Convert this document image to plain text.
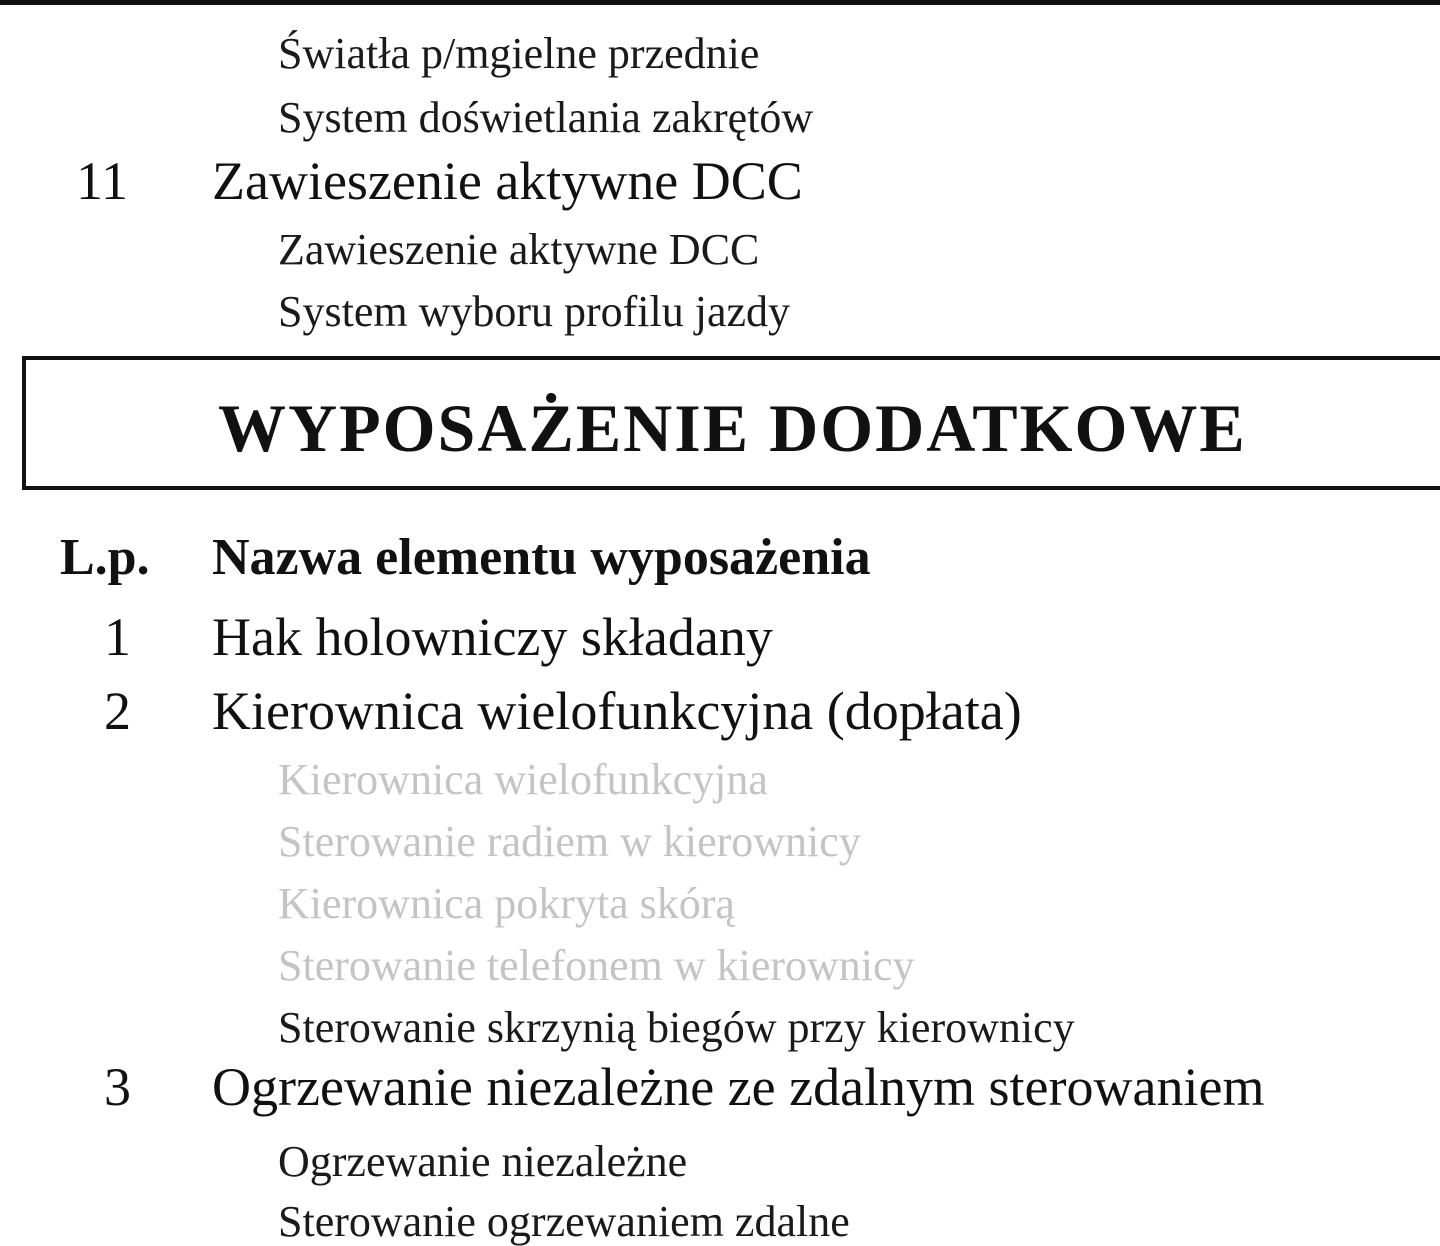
Światła p/mgielne przednie
System doświetlania zakrętów
11 Zawieszenie aktywne DCC
Zawieszenie aktywne DCC
System wyboru profilu jazdy
WYPOSAŻENIE DODATKOWE
L.p. Nazwa elementu wyposażenia
1 Hak holowniczy składany
2 Kierownica wielofunkcyjna (dopłata)
Kierownica wielofunkcyjna
Sterowanie radiem w kierownicy
Kierownica pokryta skórą
Sterowanie telefonem w kierownicy
Sterowanie skrzynią biegów przy kierownicy
3 Ogrzewanie niezależne ze zdalnym sterowaniem
Ogrzewanie niezależne
Sterowanie ogrzewaniem zdalne
